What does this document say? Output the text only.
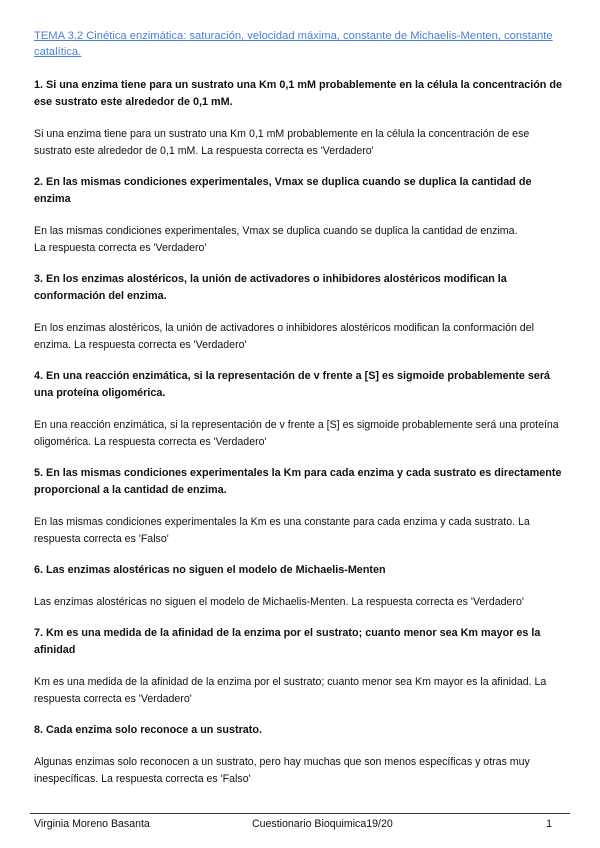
TEMA 3.2 Cinética enzimática: saturación, velocidad máxima, constante de Michaelis-Menten, constante catalítica.

1. Si una enzima tiene para un sustrato una Km 0,1 mM probablemente en la célula la concentración de ese sustrato este alrededor de 0,1 mM.

Si una enzima tiene para un sustrato una Km 0,1 mM probablemente en la célula la concentración de ese sustrato este alrededor de 0,1 mM. La respuesta correcta es 'Verdadero'

2. En las mismas condiciones experimentales, Vmax se duplica cuando se duplica la cantidad de enzima

En las mismas condiciones experimentales, Vmax se duplica cuando se duplica la cantidad de enzima.
La respuesta correcta es 'Verdadero'

3. En los enzimas alostéricos, la unión de activadores o inhibidores alostéricos modifican la conformación del enzima.

En los enzimas alostéricos, la unión de activadores o inhibidores alostéricos modifican la conformación del enzima. La respuesta correcta es 'Verdadero'

4. En una reacción enzimática, si la representación de v frente a [S] es sigmoide probablemente será una proteína oligomérica.

En una reacción enzimática, si la representación de v frente a [S] es sigmoide probablemente será una proteína oligomérica. La respuesta correcta es 'Verdadero'

5. En las mismas condiciones experimentales la Km para cada enzima y cada sustrato es directamente proporcional a la cantidad de enzima.

En las mismas condiciones experimentales la Km es una constante para cada enzima y cada sustrato. La respuesta correcta es 'Falso'

6. Las enzimas alostéricas no siguen el modelo de Michaelis-Menten

Las enzimas alostéricas no siguen el modelo de Michaelis-Menten. La respuesta correcta es 'Verdadero'

7. Km es una medida de la afinidad de la enzima por el sustrato; cuanto menor sea Km mayor es la afinidad

Km es una medida de la afinidad de la enzima por el sustrato; cuanto menor sea Km mayor es la afinidad. La respuesta correcta es 'Verdadero'

8. Cada enzima solo reconoce a un sustrato.

Algunas enzimas solo reconocen a un sustrato, pero hay muchas que son menos específicas y otras muy inespecíficas. La respuesta correcta es 'Falso'

Virginia Moreno Basanta	Cuestionario Bioquimica19/20	1
